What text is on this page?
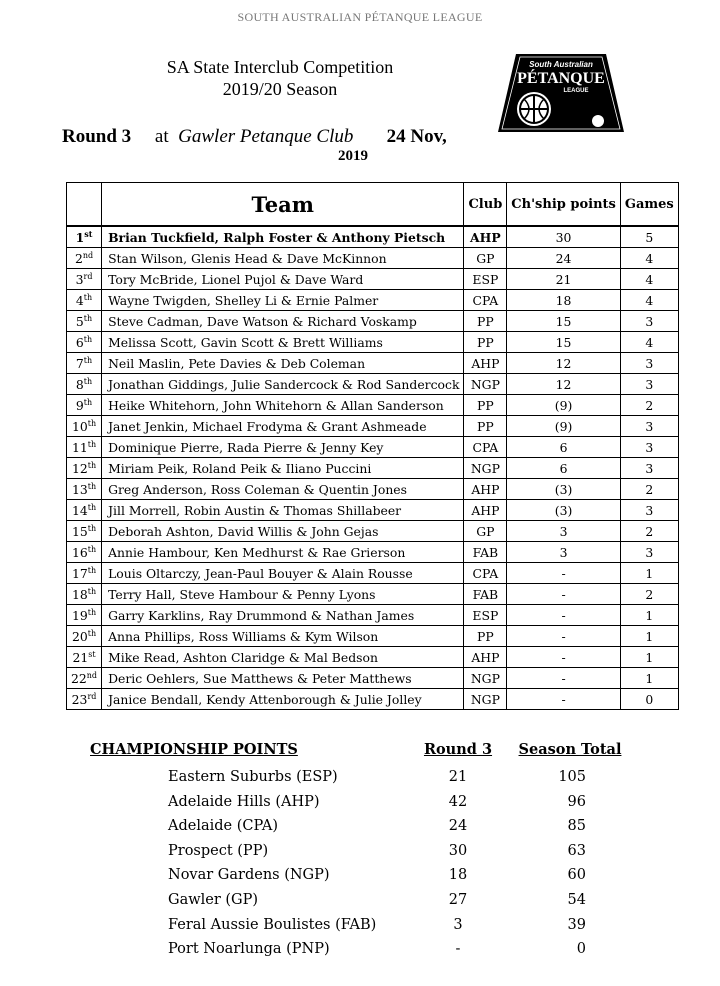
SOUTH AUSTRALIAN PÉTANQUE LEAGUE
SA State Interclub Competition
2019/20 Season
South Australian
PÉTANQUE
LEAGUE
Round 3 at Gawler Petanque Club 24 Nov,
2019
	Team	Club	Ch'ship points	Games
1st	Brian Tuckfield, Ralph Foster & Anthony Pietsch	AHP	30	5
2nd	Stan Wilson, Glenis Head & Dave McKinnon	GP	24	4
3rd	Tory McBride, Lionel Pujol & Dave Ward	ESP	21	4
4th	Wayne Twigden, Shelley Li & Ernie Palmer	CPA	18	4
5th	Steve Cadman, Dave Watson & Richard Voskamp	PP	15	3
6th	Melissa Scott, Gavin Scott & Brett Williams	PP	15	4
7th	Neil Maslin, Pete Davies & Deb Coleman	AHP	12	3
8th	Jonathan Giddings, Julie Sandercock & Rod Sandercock	NGP	12	3
9th	Heike Whitehorn, John Whitehorn & Allan Sanderson	PP	(9)	2
10th	Janet Jenkin, Michael Frodyma & Grant Ashmeade	PP	(9)	3
11th	Dominique Pierre, Rada Pierre & Jenny Key	CPA	6	3
12th	Miriam Peik, Roland Peik & Iliano Puccini	NGP	6	3
13th	Greg Anderson, Ross Coleman & Quentin Jones	AHP	(3)	2
14th	Jill Morrell, Robin Austin & Thomas Shillabeer	AHP	(3)	3
15th	Deborah Ashton, David Willis & John Gejas	GP	3	2
16th	Annie Hambour, Ken Medhurst & Rae Grierson	FAB	3	3
17th	Louis Oltarczy, Jean-Paul Bouyer & Alain Rousse	CPA	-	1
18th	Terry Hall, Steve Hambour & Penny Lyons	FAB	-	2
19th	Garry Karklins, Ray Drummond & Nathan James	ESP	-	1
20th	Anna Phillips, Ross Williams & Kym Wilson	PP	-	1
21st	Mike Read, Ashton Claridge & Mal Bedson	AHP	-	1
22nd	Deric Oehlers, Sue Matthews & Peter Matthews	NGP	-	1
23rd	Janice Bendall, Kendy Attenborough & Julie Jolley	NGP	-	0
CHAMPIONSHIP POINTS	Round 3	Season Total
Eastern Suburbs (ESP)	21	105
Adelaide Hills (AHP)	42	96
Adelaide (CPA)	24	85
Prospect (PP)	30	63
Novar Gardens (NGP)	18	60
Gawler (GP)	27	54
Feral Aussie Boulistes (FAB)	3	39
Port Noarlunga (PNP)	-	0
